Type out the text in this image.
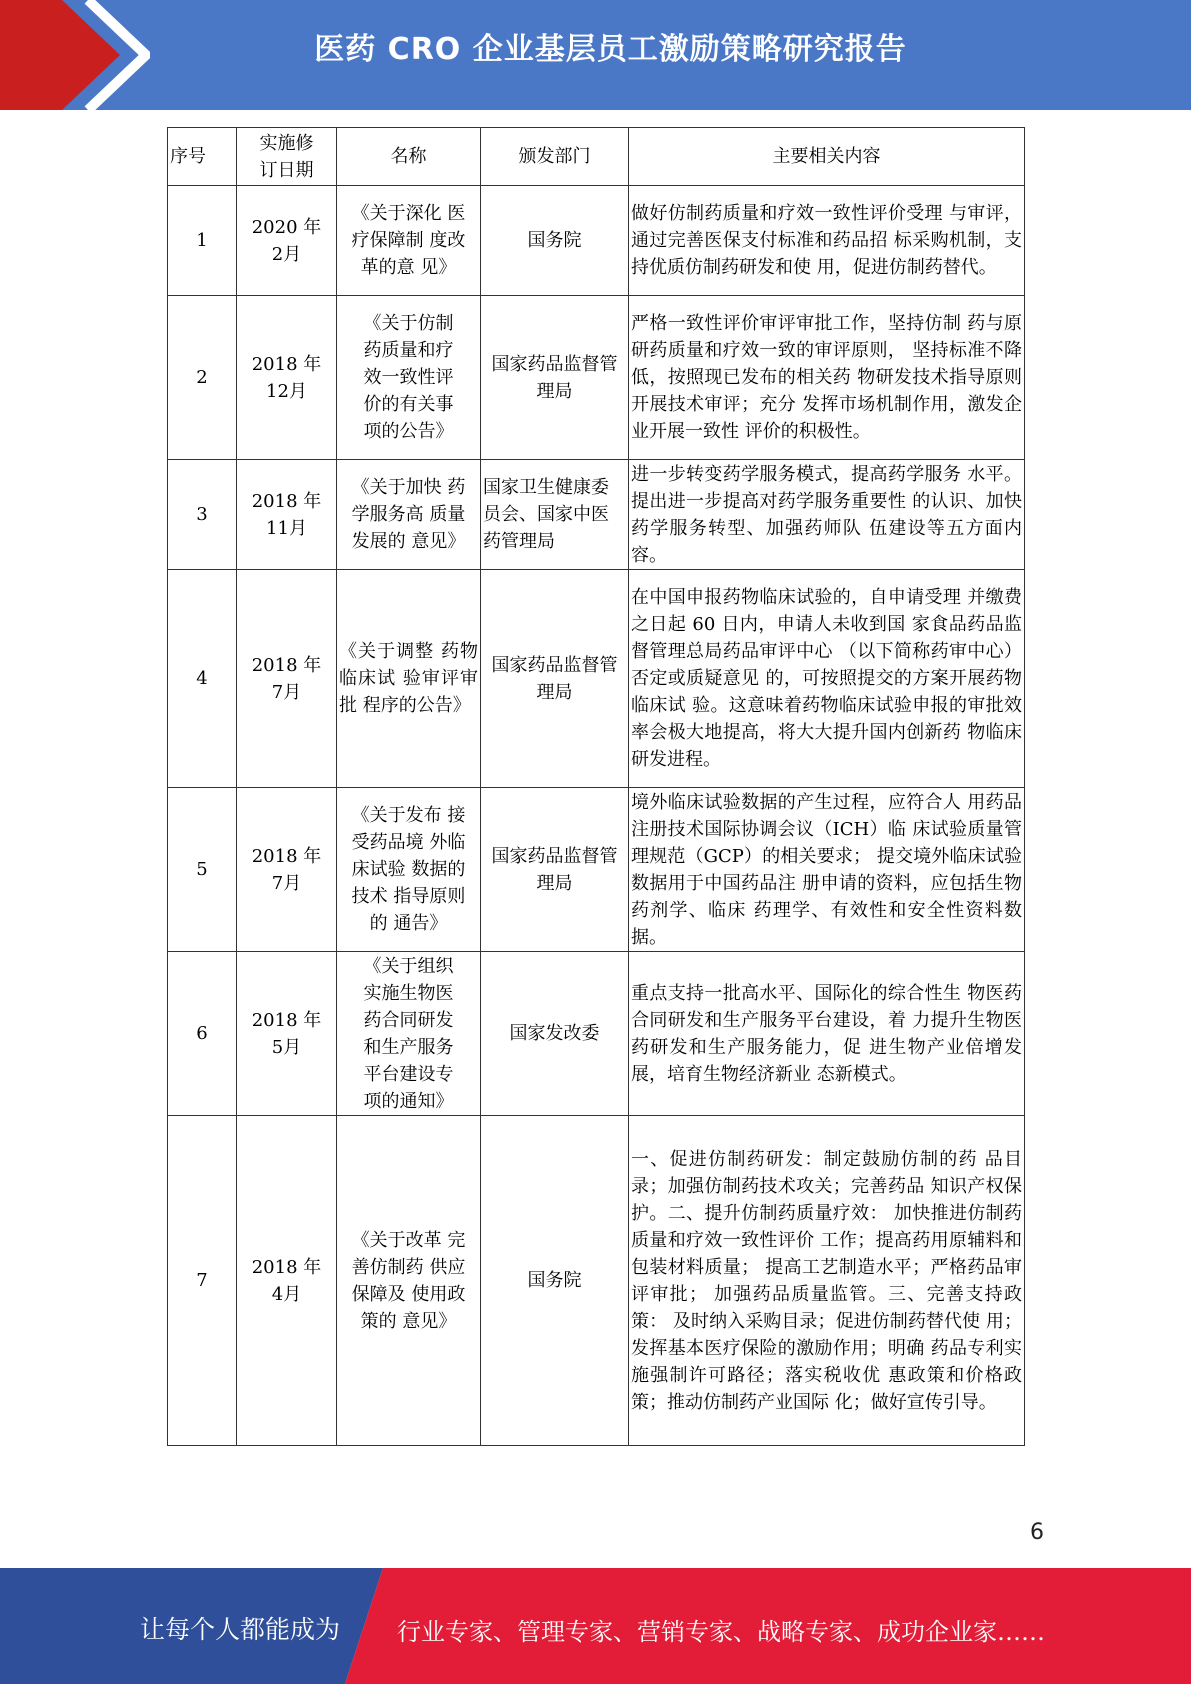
医药 CRO 企业基层员工激励策略研究报告
序号	实施修订日期	名称	颁发部门	主要相关内容
1	2020 年 2月	《关于深化 医疗保障制 度改革的意 见》	国务院	做好仿制药质量和疗效一致性评价受理 与审评，通过完善医保支付标准和药品招 标采购机制，支持优质仿制药研发和使 用，促进仿制药替代。
2	2018 年 12月	《关于仿制 药质量和疗 效一致性评 价的有关事 项的公告》	国家药品监督管理局	严格一致性评价审评审批工作，坚持仿制 药与原研药质量和疗效一致的审评原则， 坚持标准不降低，按照现已发布的相关药 物研发技术指导原则开展技术审评；充分 发挥市场机制作用，激发企业开展一致性 评价的积极性。
3	2018 年 11月	《关于加快 药学服务高 质量发展的 意见》	国家卫生健康委员会、国家中医药管理局	进一步转变药学服务模式，提高药学服务 水平。提出进一步提高对药学服务重要性 的认识、加快药学服务转型、加强药师队 伍建设等五方面内容。
4	2018 年 7月	《关于调整 药物临床试 验审评审批 程序的公告》	国家药品监督管理局	在中国申报药物临床试验的，自申请受理 并缴费之日起 60 日内，申请人未收到国 家食品药品监督管理总局药品审评中心 （以下简称药审中心）否定或质疑意见 的，可按照提交的方案开展药物临床试 验。这意味着药物临床试验申报的审批效 率会极大地提高，将大大提升国内创新药 物临床研发进程。
5	2018 年 7月	《关于发布 接受药品境 外临床试验 数据的技术 指导原则的 通告》	国家药品监督管理局	境外临床试验数据的产生过程，应符合人 用药品注册技术国际协调会议（ICH）临 床试验质量管理规范（GCP）的相关要求； 提交境外临床试验数据用于中国药品注 册申请的资料，应包括生物药剂学、临床 药理学、有效性和安全性资料数据。
6	2018 年 5月	《关于组织 实施生物医 药合同研发 和生产服务 平台建设专 项的通知》	国家发改委	重点支持一批高水平、国际化的综合性生 物医药合同研发和生产服务平台建设，着 力提升生物医药研发和生产服务能力，促 进生物产业倍增发展，培育生物经济新业 态新模式。
7	2018 年 4月	《关于改革 完善仿制药 供应保障及 使用政策的 意见》	国务院	一、促进仿制药研发：制定鼓励仿制的药 品目录；加强仿制药技术攻关；完善药品 知识产权保护。二、提升仿制药质量疗效： 加快推进仿制药质量和疗效一致性评价 工作；提高药用原辅料和包装材料质量； 提高工艺制造水平；严格药品审评审批； 加强药品质量监管。三、完善支持政策： 及时纳入采购目录；促进仿制药替代使 用；发挥基本医疗保险的激励作用；明确 药品专利实施强制许可路径；落实税收优 惠政策和价格政策；推动仿制药产业国际 化；做好宣传引导。
6
让每个人都能成为 行业专家、管理专家、营销专家、战略专家、成功企业家……
